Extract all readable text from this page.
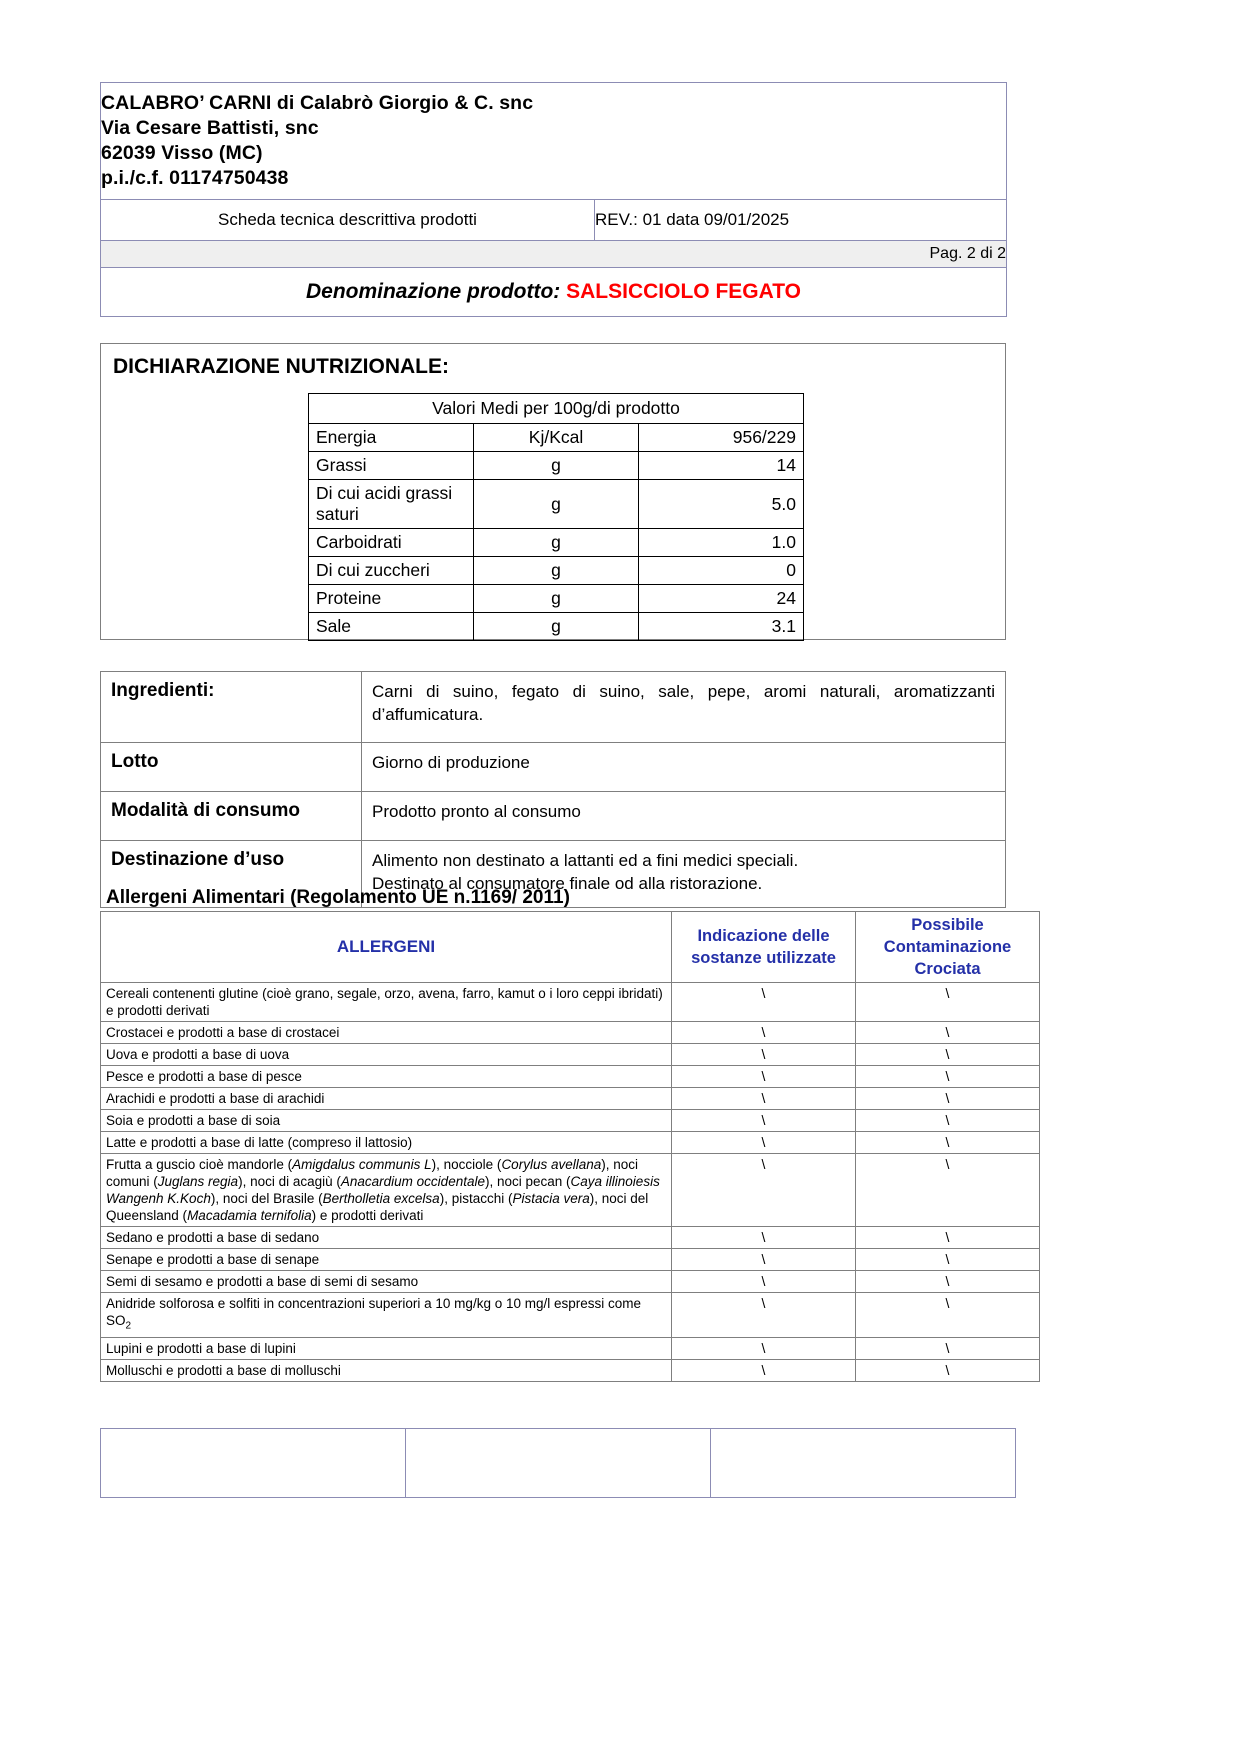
CALABRO’ CARNI di Calabrò Giorgio & C. snc
Via Cesare Battisti, snc
62039 Visso (MC)
p.i./c.f. 01174750438

Scheda tecnica descrittiva prodotti	REV.: 01 data 09/01/2025
Pag. 2 di 2
Denominazione prodotto: SALSICCIOLO FEGATO
DICHIARAZIONE NUTRIZIONALE:
Valori Medi per 100g/di prodotto		
Energia	Kj/Kcal	956/229
Grassi	g	14
Di cui acidi grassi saturi	g	5.0
Carboidrati	g	1.0
Di cui zuccheri	g	0
Proteine	g	24
Sale	g	3.1
Ingredienti:	Carni di suino, fegato di suino, sale, pepe, aromi naturali, aromatizzanti d’affumicatura.
Lotto	Giorno di produzione
Modalità di consumo	Prodotto pronto al consumo
Destinazione d’uso	Alimento non destinato a lattanti ed a fini medici speciali.
Destinato al consumatore finale od alla ristorazione.
Allergeni Alimentari (Regolamento UE n.1169/ 2011)
ALLERGENI	Indicazione delle sostanze utilizzate	Possibile Contaminazione Crociata
Cereali contenenti glutine (cioè grano, segale, orzo, avena, farro, kamut o i loro ceppi ibridati) e prodotti derivati	\	\
Crostacei e prodotti a base di crostacei	\	\
Uova e prodotti a base di uova	\	\
Pesce e prodotti a base di pesce	\	\
Arachidi e prodotti a base di arachidi	\	\
Soia e prodotti a base di soia	\	\
Latte e prodotti a base di latte (compreso il lattosio)	\	\
Frutta a guscio cioè mandorle (Amigdalus communis L), nocciole (Corylus avellana), noci comuni (Juglans regia), noci di acagiù (Anacardium occidentale), noci pecan (Caya illinoiesis Wangenh K.Koch), noci del Brasile (Bertholletia excelsa), pistacchi (Pistacia vera), noci del Queensland (Macadamia ternifolia) e prodotti derivati	\	\
Sedano e prodotti a base di sedano	\	\
Senape e prodotti a base di senape	\	\
Semi di sesamo e prodotti a base di semi di sesamo	\	\
Anidride solforosa e solfiti in concentrazioni superiori a 10 mg/kg o 10 mg/l espressi come $SO_2$	\	\
Lupini e prodotti a base di lupini	\	\
Molluschi e prodotti a base di molluschi	\	\
